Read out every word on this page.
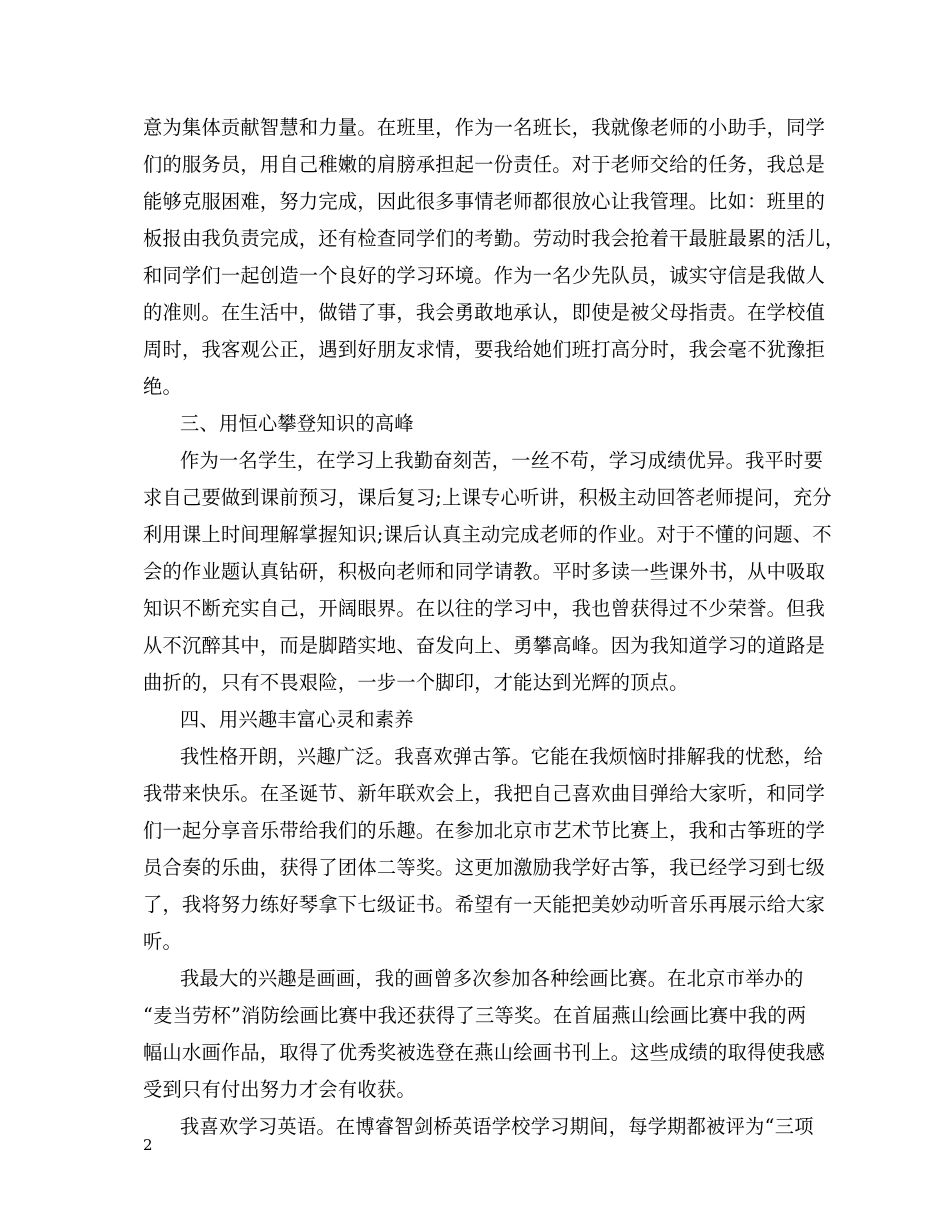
意为集体贡献智慧和力量。在班里，作为一名班长，我就像老师的小助手，同学
们的服务员，用自己稚嫩的肩膀承担起一份责任。对于老师交给的任务，我总是
能够克服困难，努力完成，因此很多事情老师都很放心让我管理。比如：班里的
板报由我负责完成，还有检查同学们的考勤。劳动时我会抢着干最脏最累的活儿，
和同学们一起创造一个良好的学习环境。作为一名少先队员，诚实守信是我做人
的准则。在生活中，做错了事，我会勇敢地承认，即使是被父母指责。在学校值
周时，我客观公正，遇到好朋友求情，要我给她们班打高分时，我会毫不犹豫拒
绝。
三、用恒心攀登知识的高峰
作为一名学生，在学习上我勤奋刻苦，一丝不苟，学习成绩优异。我平时要
求自己要做到课前预习，课后复习;上课专心听讲，积极主动回答老师提问，充分
利用课上时间理解掌握知识;课后认真主动完成老师的作业。对于不懂的问题、不
会的作业题认真钻研，积极向老师和同学请教。平时多读一些课外书，从中吸取
知识不断充实自己，开阔眼界。在以往的学习中，我也曾获得过不少荣誉。但我
从不沉醉其中，而是脚踏实地、奋发向上、勇攀高峰。因为我知道学习的道路是
曲折的，只有不畏艰险，一步一个脚印，才能达到光辉的顶点。
四、用兴趣丰富心灵和素养
我性格开朗，兴趣广泛。我喜欢弹古筝。它能在我烦恼时排解我的忧愁，给
我带来快乐。在圣诞节、新年联欢会上，我把自己喜欢曲目弹给大家听，和同学
们一起分享音乐带给我们的乐趣。在参加北京市艺术节比赛上，我和古筝班的学
员合奏的乐曲，获得了团体二等奖。这更加激励我学好古筝，我已经学习到七级
了，我将努力练好琴拿下七级证书。希望有一天能把美妙动听音乐再展示给大家
听。
我最大的兴趣是画画，我的画曾多次参加各种绘画比赛。在北京市举办的
“麦当劳杯”消防绘画比赛中我还获得了三等奖。在首届燕山绘画比赛中我的两
幅山水画作品，取得了优秀奖被选登在燕山绘画书刊上。这些成绩的取得使我感
受到只有付出努力才会有收获。
我喜欢学习英语。在博睿智剑桥英语学校学习期间，每学期都被评为“三项
2
